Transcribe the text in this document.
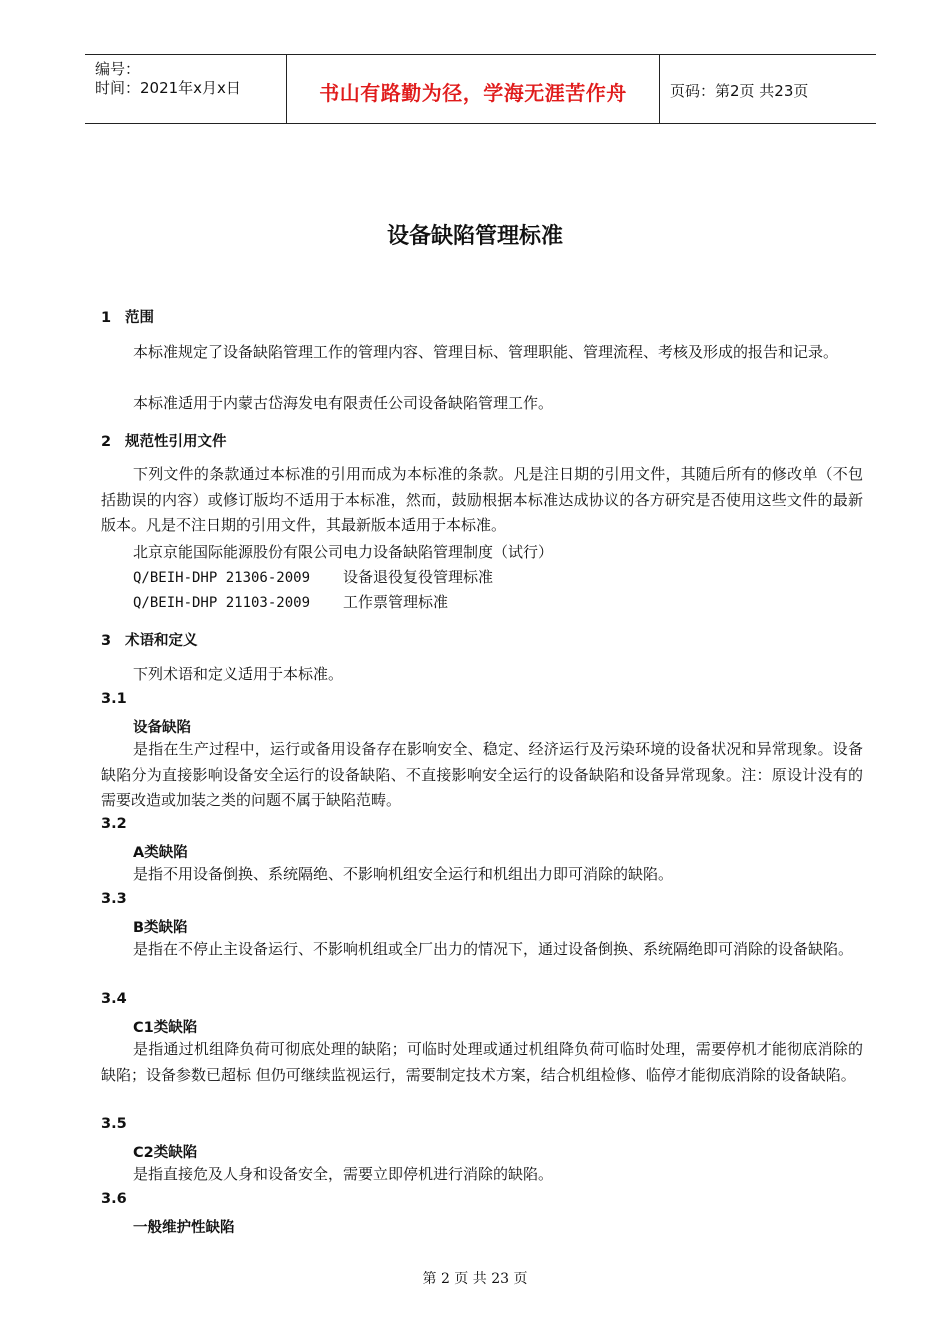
编号：
时间：2021年x月x日	书山有路勤为径，学海无涯苦作舟	页码：第2页 共23页
设备缺陷管理标准
1 范围

本标准规定了设备缺陷管理工作的管理内容、管理目标、管理职能、管理流程、考核及形成的报告和记录。

本标准适用于内蒙古岱海发电有限责任公司设备缺陷管理工作。

2 规范性引用文件

下列文件的条款通过本标准的引用而成为本标准的条款。凡是注日期的引用文件，其随后所有的修改单（不包括勘误的内容）或修订版均不适用于本标准，然而，鼓励根据本标准达成协议的各方研究是否使用这些文件的最新版本。凡是不注日期的引用文件，其最新版本适用于本标准。

北京京能国际能源股份有限公司电力设备缺陷管理制度（试行）
Q/BEIH-DHP 21306-2009 设备退役复役管理标准
Q/BEIH-DHP 21103-2009 工作票管理标准
3 术语和定义

下列术语和定义适用于本标准。

3.1
设备缺陷

是指在生产过程中，运行或备用设备存在影响安全、稳定、经济运行及污染环境的设备状况和异常现象。设备缺陷分为直接影响设备安全运行的设备缺陷、不直接影响安全运行的设备缺陷和设备异常现象。注：原设计没有的需要改造或加装之类的问题不属于缺陷范畴。

3.2
A类缺陷

是指不用设备倒换、系统隔绝、不影响机组安全运行和机组出力即可消除的缺陷。

3.3
B类缺陷

是指在不停止主设备运行、不影响机组或全厂出力的情况下，通过设备倒换、系统隔绝即可消除的设备缺陷。

3.4
C1类缺陷

是指通过机组降负荷可彻底处理的缺陷；可临时处理或通过机组降负荷可临时处理，需要停机才能彻底消除的缺陷；设备参数已超标 但仍可继续监视运行，需要制定技术方案，结合机组检修、临停才能彻底消除的设备缺陷。

3.5
C2类缺陷

是指直接危及人身和设备安全，需要立即停机进行消除的缺陷。

3.6
一般维护性缺陷
第 2 页 共 23 页
